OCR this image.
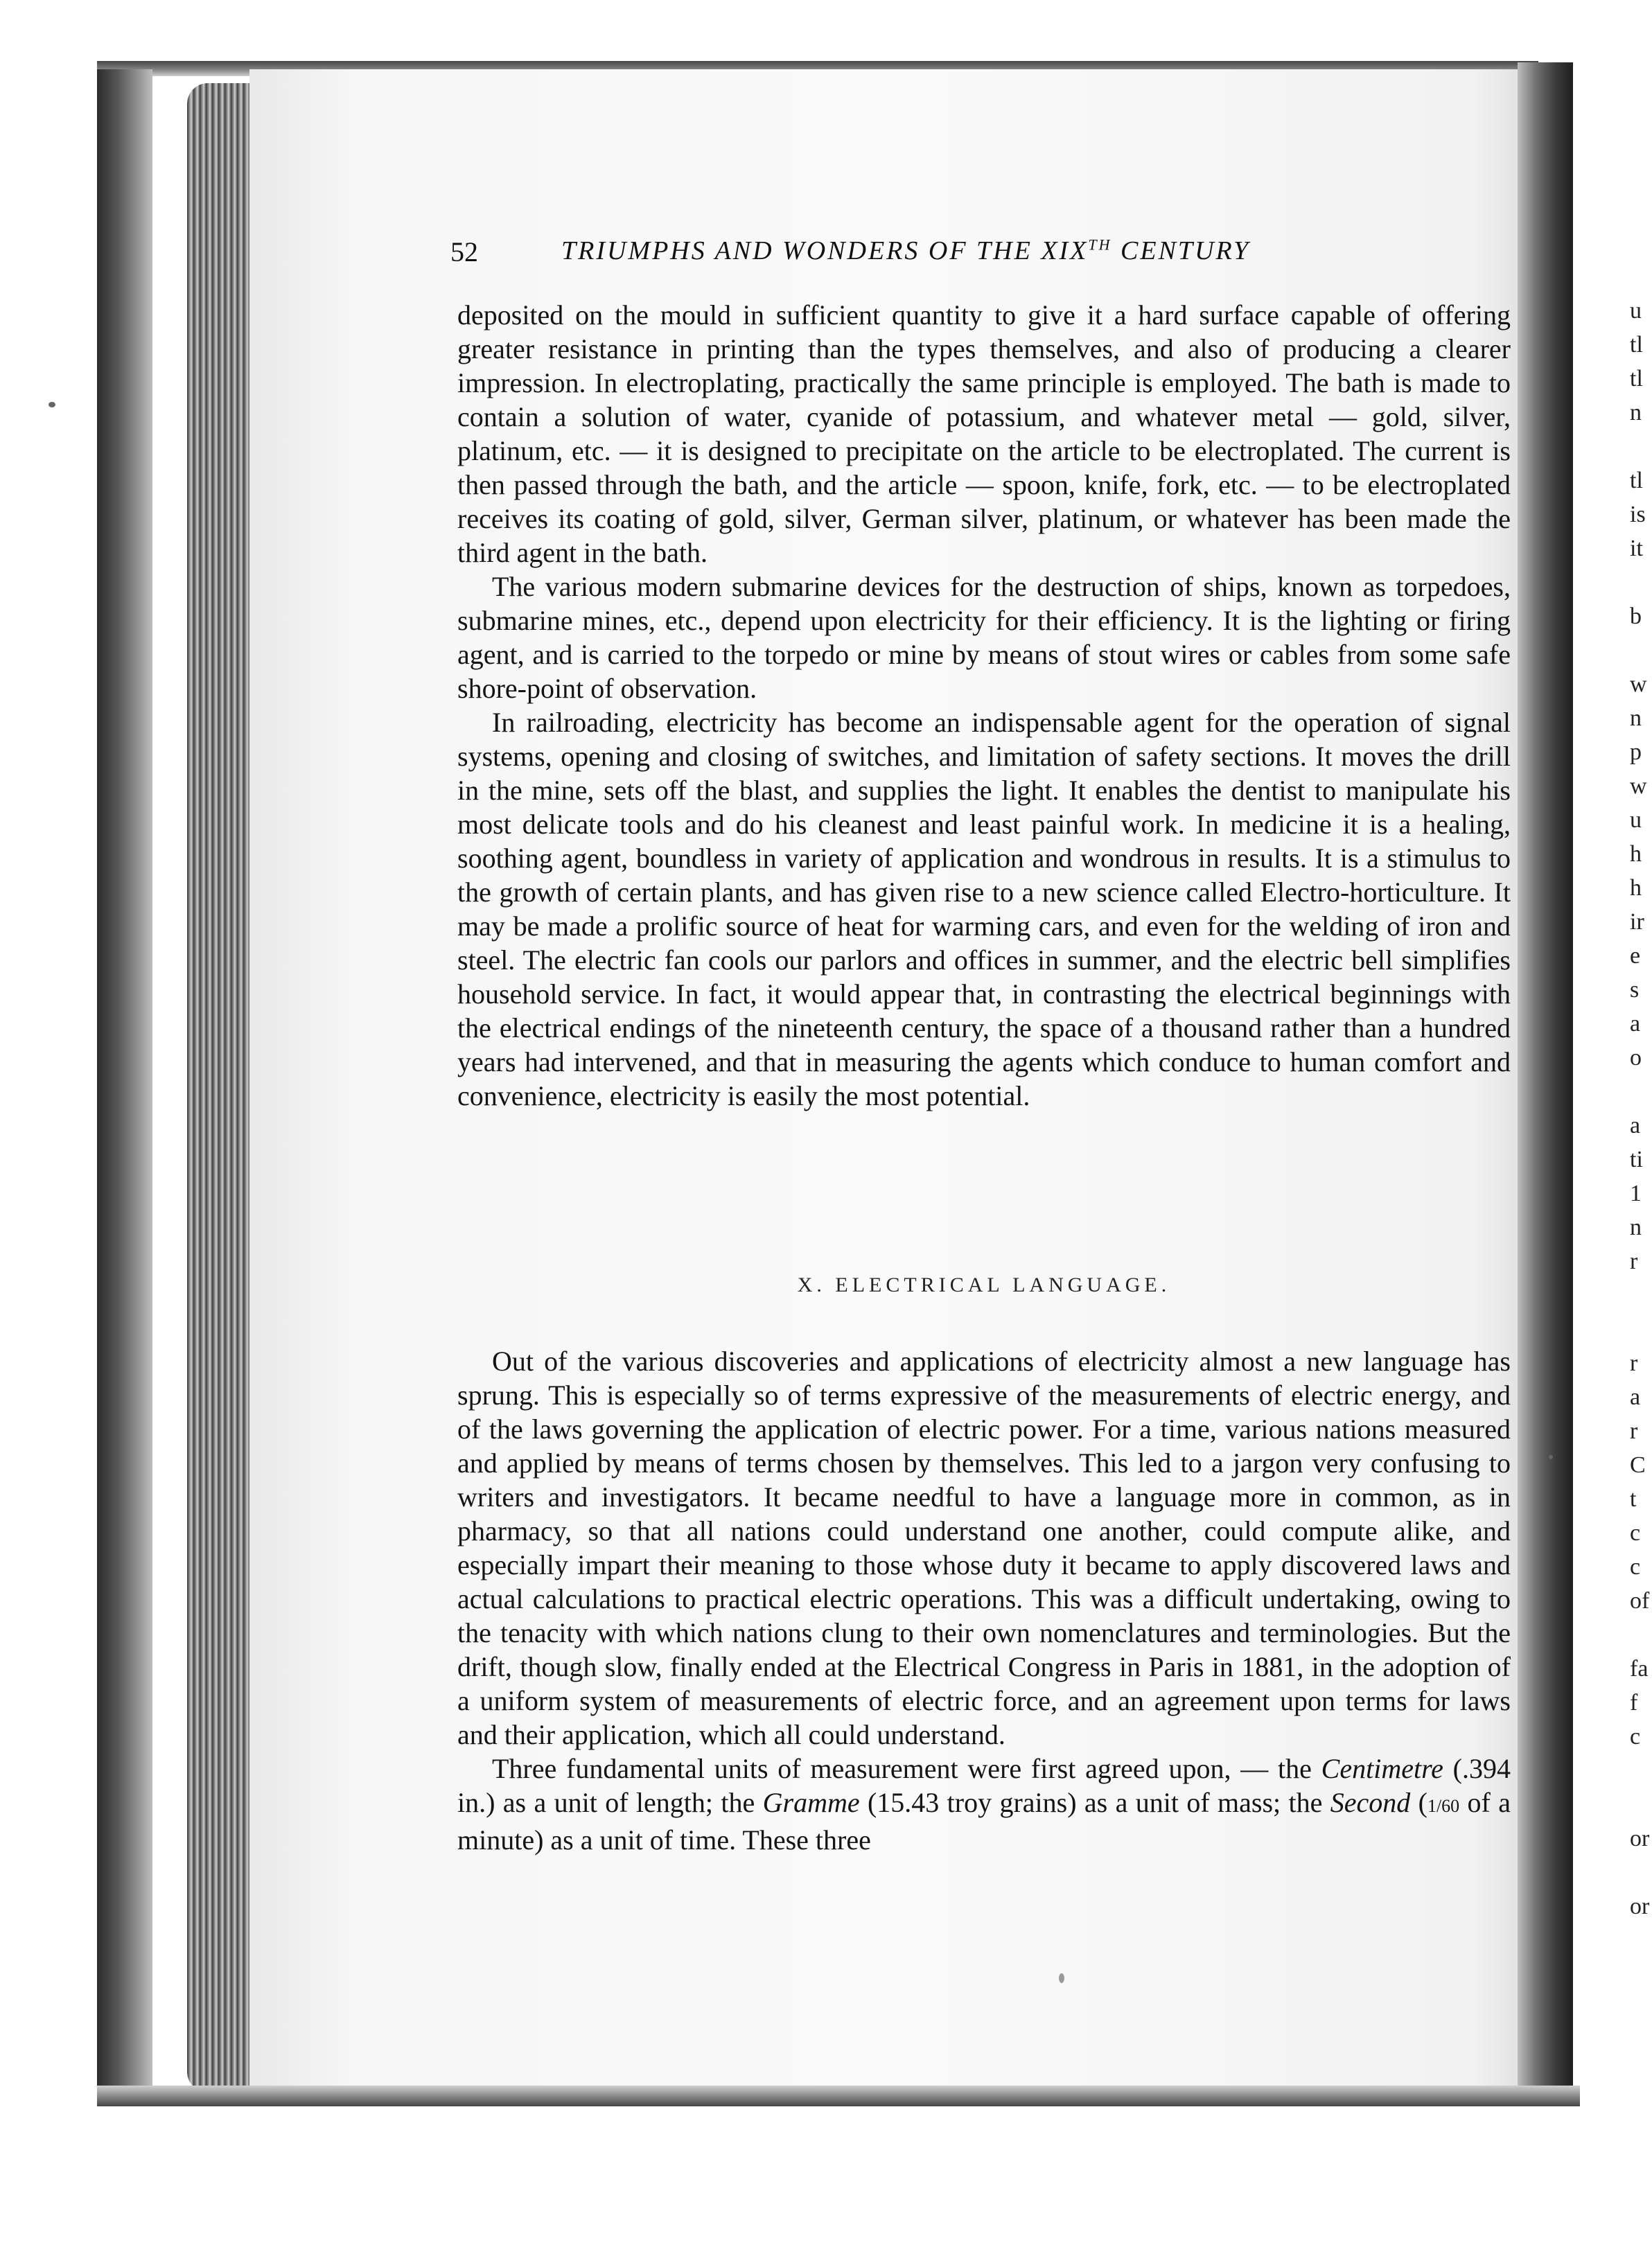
52	TRIUMPHS AND WONDERS OF THE XIXTH CENTURY

deposited on the mould in sufficient quantity to give it a hard surface capable of offering greater resistance in printing than the types themselves, and also of producing a clearer impression. In electroplating, practically the same principle is employed. The bath is made to contain a solution of water, cyanide of potassium, and whatever metal — gold, silver, platinum, etc. — it is designed to precipitate on the article to be electroplated. The current is then passed through the bath, and the article — spoon, knife, fork, etc. — to be electroplated receives its coating of gold, silver, German silver, platinum, or whatever has been made the third agent in the bath.

The various modern submarine devices for the destruction of ships, known as torpedoes, submarine mines, etc., depend upon electricity for their efficiency. It is the lighting or firing agent, and is carried to the torpedo or mine by means of stout wires or cables from some safe shore-point of observation.

In railroading, electricity has become an indispensable agent for the operation of signal systems, opening and closing of switches, and limitation of safety sections. It moves the drill in the mine, sets off the blast, and supplies the light. It enables the dentist to manipulate his most delicate tools and do his cleanest and least painful work. In medicine it is a healing, soothing agent, boundless in variety of application and wondrous in results. It is a stimulus to the growth of certain plants, and has given rise to a new science called Electro-horticulture. It may be made a prolific source of heat for warming cars, and even for the welding of iron and steel. The electric fan cools our parlors and offices in summer, and the electric bell simplifies household service. In fact, it would appear that, in contrasting the electrical beginnings with the electrical endings of the nineteenth century, the space of a thousand rather than a hundred years had intervened, and that in measuring the agents which conduce to human comfort and convenience, electricity is easily the most potential.

X. ELECTRICAL LANGUAGE.

Out of the various discoveries and applications of electricity almost a new language has sprung. This is especially so of terms expressive of the measurements of electric energy, and of the laws governing the application of electric power. For a time, various nations measured and applied by means of terms chosen by themselves. This led to a jargon very confusing to writers and investigators. It became needful to have a language more in common, as in pharmacy, so that all nations could understand one another, could compute alike, and especially impart their meaning to those whose duty it became to apply discovered laws and actual calculations to practical electric operations. This was a difficult undertaking, owing to the tenacity with which nations clung to their own nomenclatures and terminologies. But the drift, though slow, finally ended at the Electrical Congress in Paris in 1881, in the adoption of a uniform system of measurements of electric force, and an agreement upon terms for laws and their application, which all could understand.

Three fundamental units of measurement were first agreed upon, — the Centimetre (.394 in.) as a unit of length; the Gramme (15.43 troy grains) as a unit of mass; the Second (1/60 of a minute) as a unit of time. These three

u
tl
tl
n
tl
is
it
b
w
n
p
w
u
h
h
ir
e
s
a
o
a
ti
1
n
r
r
a
r
C
t
c
c
of
fa
f
c
or
or
